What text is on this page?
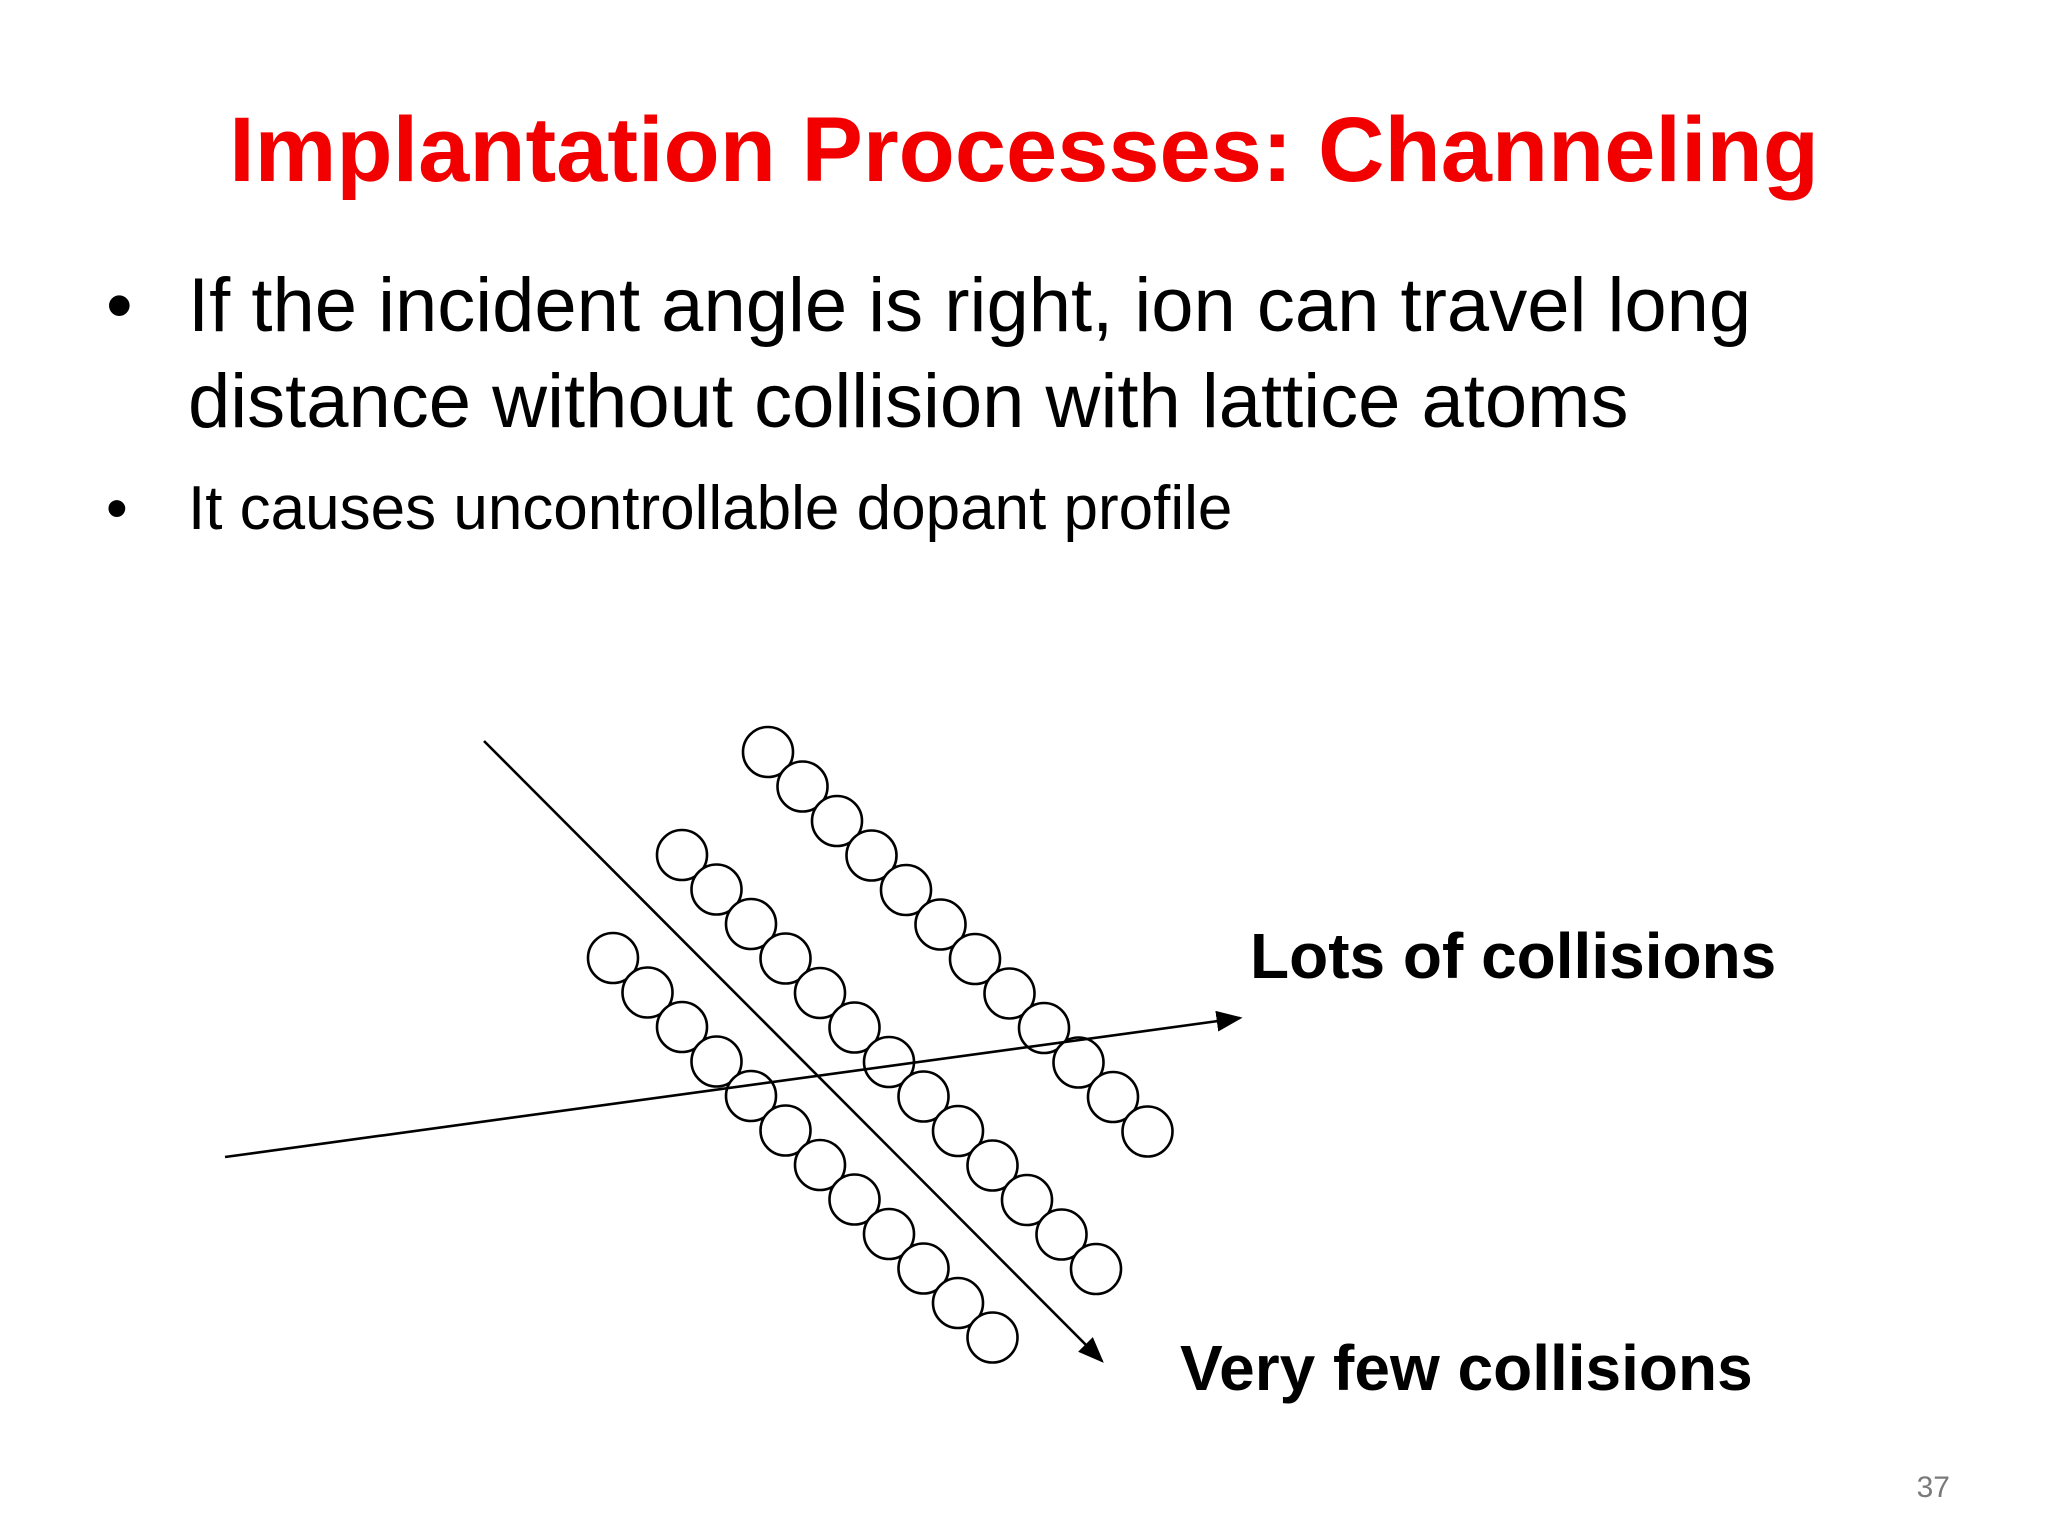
Implantation Processes: Channeling
• If the incident angle is right, ion can travel long distance without collision with lattice atoms
• It causes uncontrollable dopant profile
Lots of collisions
Very few collisions
37
